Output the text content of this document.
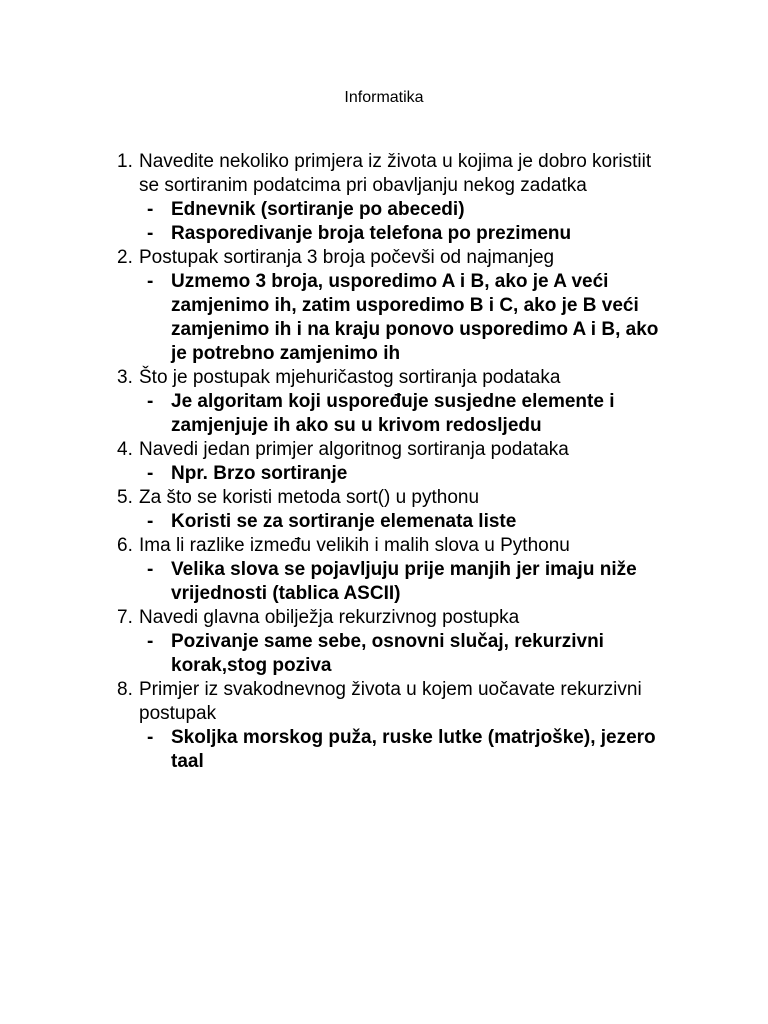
Informatika
1. Navedite nekoliko primjera iz života u kojima je dobro koristiit se sortiranim podatcima pri obavljanju nekog zadatka
- Ednevnik (sortiranje po abecedi)
- Rasporedivanje broja telefona po prezimenu
2. Postupak sortiranja 3 broja počevši od najmanjeg
- Uzmemo 3 broja, usporedimo A i B, ako je A veći zamjenimo ih, zatim usporedimo B i C, ako je B veći zamjenimo ih i na kraju ponovo usporedimo A i B, ako je potrebno zamjenimo ih
3. Što je postupak mjehuričastog sortiranja podataka
- Je algoritam koji uspoređuje susjedne elemente i zamjenjuje ih ako su u krivom redosljedu
4. Navedi jedan primjer algoritnog sortiranja podataka
- Npr. Brzo sortiranje
5. Za što se koristi metoda sort() u pythonu
- Koristi se za sortiranje elemenata liste
6. Ima li razlike između velikih i malih slova u Pythonu
- Velika slova se pojavljuju prije manjih jer imaju niže vrijednosti (tablica ASCII)
7. Navedi glavna obilježja rekurzivnog postupka
- Pozivanje same sebe, osnovni slučaj, rekurzivni korak,stog poziva
8. Primjer iz svakodnevnog života u kojem uočavate rekurzivni postupak
- Skoljka morskog puža, ruske lutke (matrjoške), jezero taal
